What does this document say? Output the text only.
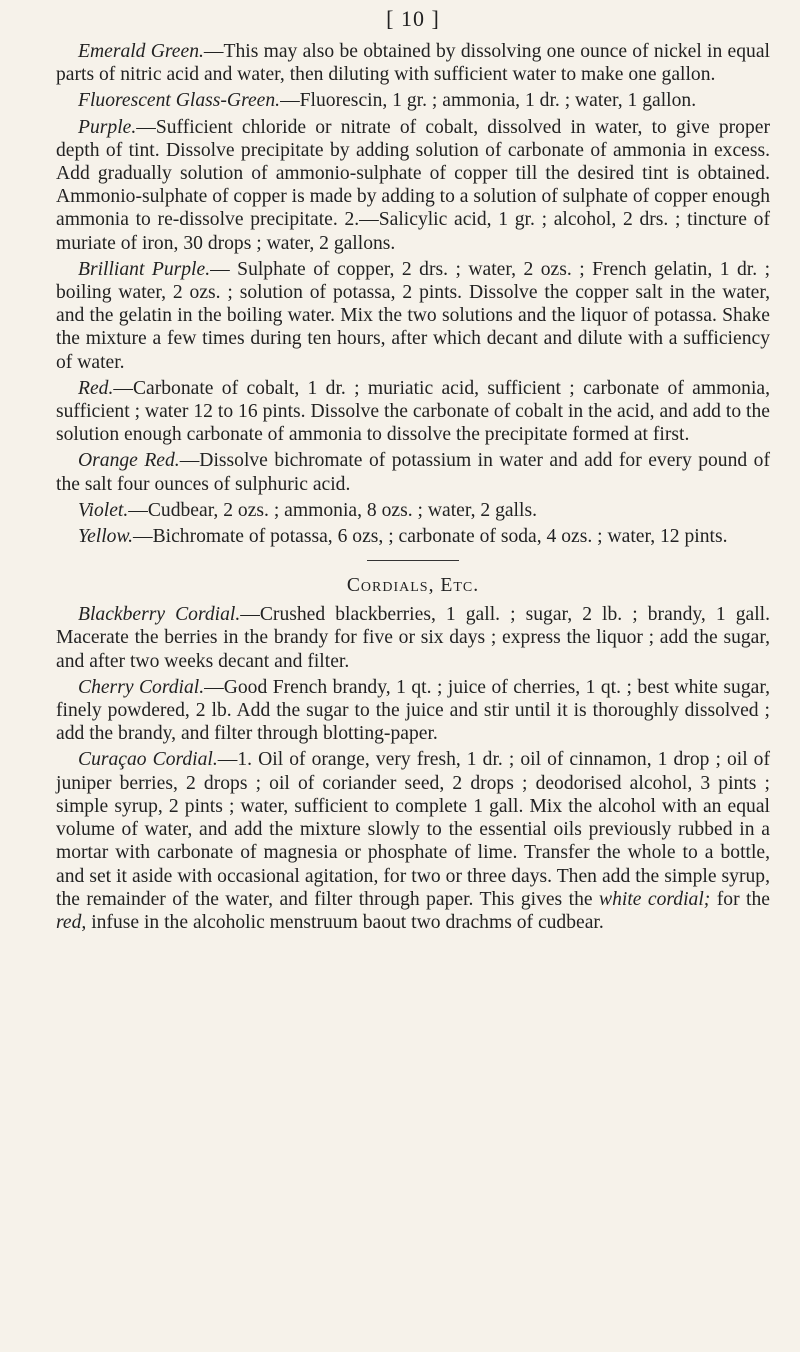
[ 10 ]

Emerald Green.—This may also be obtained by dissolving one ounce of nickel in equal parts of nitric acid and water, then diluting with sufficient water to make one gallon.

Fluorescent Glass-Green.—Fluorescin, 1 gr. ; ammonia, 1 dr. ; water, 1 gallon.

Purple.—Sufficient chloride or nitrate of cobalt, dissolved in water, to give proper depth of tint. Dissolve precipitate by adding solution of carbonate of ammonia in excess. Add gradually solution of ammonio-sulphate of copper till the desired tint is obtained. Ammonio-sulphate of copper is made by adding to a solution of sulphate of copper enough ammonia to re-dissolve precipitate. 2.—Salicylic acid, 1 gr. ; alcohol, 2 drs. ; tincture of muriate of iron, 30 drops ; water, 2 gallons.

Brilliant Purple.— Sulphate of copper, 2 drs. ; water, 2 ozs. ; French gelatin, 1 dr. ; boiling water, 2 ozs. ; solution of potassa, 2 pints. Dissolve the copper salt in the water, and the gelatin in the boiling water. Mix the two solutions and the liquor of potassa. Shake the mixture a few times during ten hours, after which decant and dilute with a sufficiency of water.

Red.—Carbonate of cobalt, 1 dr. ; muriatic acid, sufficient ; carbonate of ammonia, sufficient ; water 12 to 16 pints. Dissolve the carbonate of cobalt in the acid, and add to the solution enough carbonate of ammonia to dissolve the precipitate formed at first.

Orange Red.—Dissolve bichromate of potassium in water and add for every pound of the salt four ounces of sulphuric acid.

Violet.—Cudbear, 2 ozs. ; ammonia, 8 ozs. ; water, 2 galls.

Yellow.—Bichromate of potassa, 6 ozs, ; carbonate of soda, 4 ozs. ; water, 12 pints.

Cordials, Etc.

Blackberry Cordial.—Crushed blackberries, 1 gall. ; sugar, 2 lb. ; brandy, 1 gall. Macerate the berries in the brandy for five or six days ; express the liquor ; add the sugar, and after two weeks decant and filter.

Cherry Cordial.—Good French brandy, 1 qt. ; juice of cherries, 1 qt. ; best white sugar, finely powdered, 2 lb. Add the sugar to the juice and stir until it is thoroughly dissolved ; add the brandy, and filter through blotting-paper.

Curaçao Cordial.—1. Oil of orange, very fresh, 1 dr. ; oil of cinnamon, 1 drop ; oil of juniper berries, 2 drops ; oil of coriander seed, 2 drops ; deodorised alcohol, 3 pints ; simple syrup, 2 pints ; water, sufficient to complete 1 gall. Mix the alcohol with an equal volume of water, and add the mixture slowly to the essential oils previously rubbed in a mortar with carbonate of magnesia or phosphate of lime. Transfer the whole to a bottle, and set it aside with occasional agitation, for two or three days. Then add the simple syrup, the remainder of the water, and filter through paper. This gives the white cordial; for the red, infuse in the alcoholic menstruum baout two drachms of cudbear.
